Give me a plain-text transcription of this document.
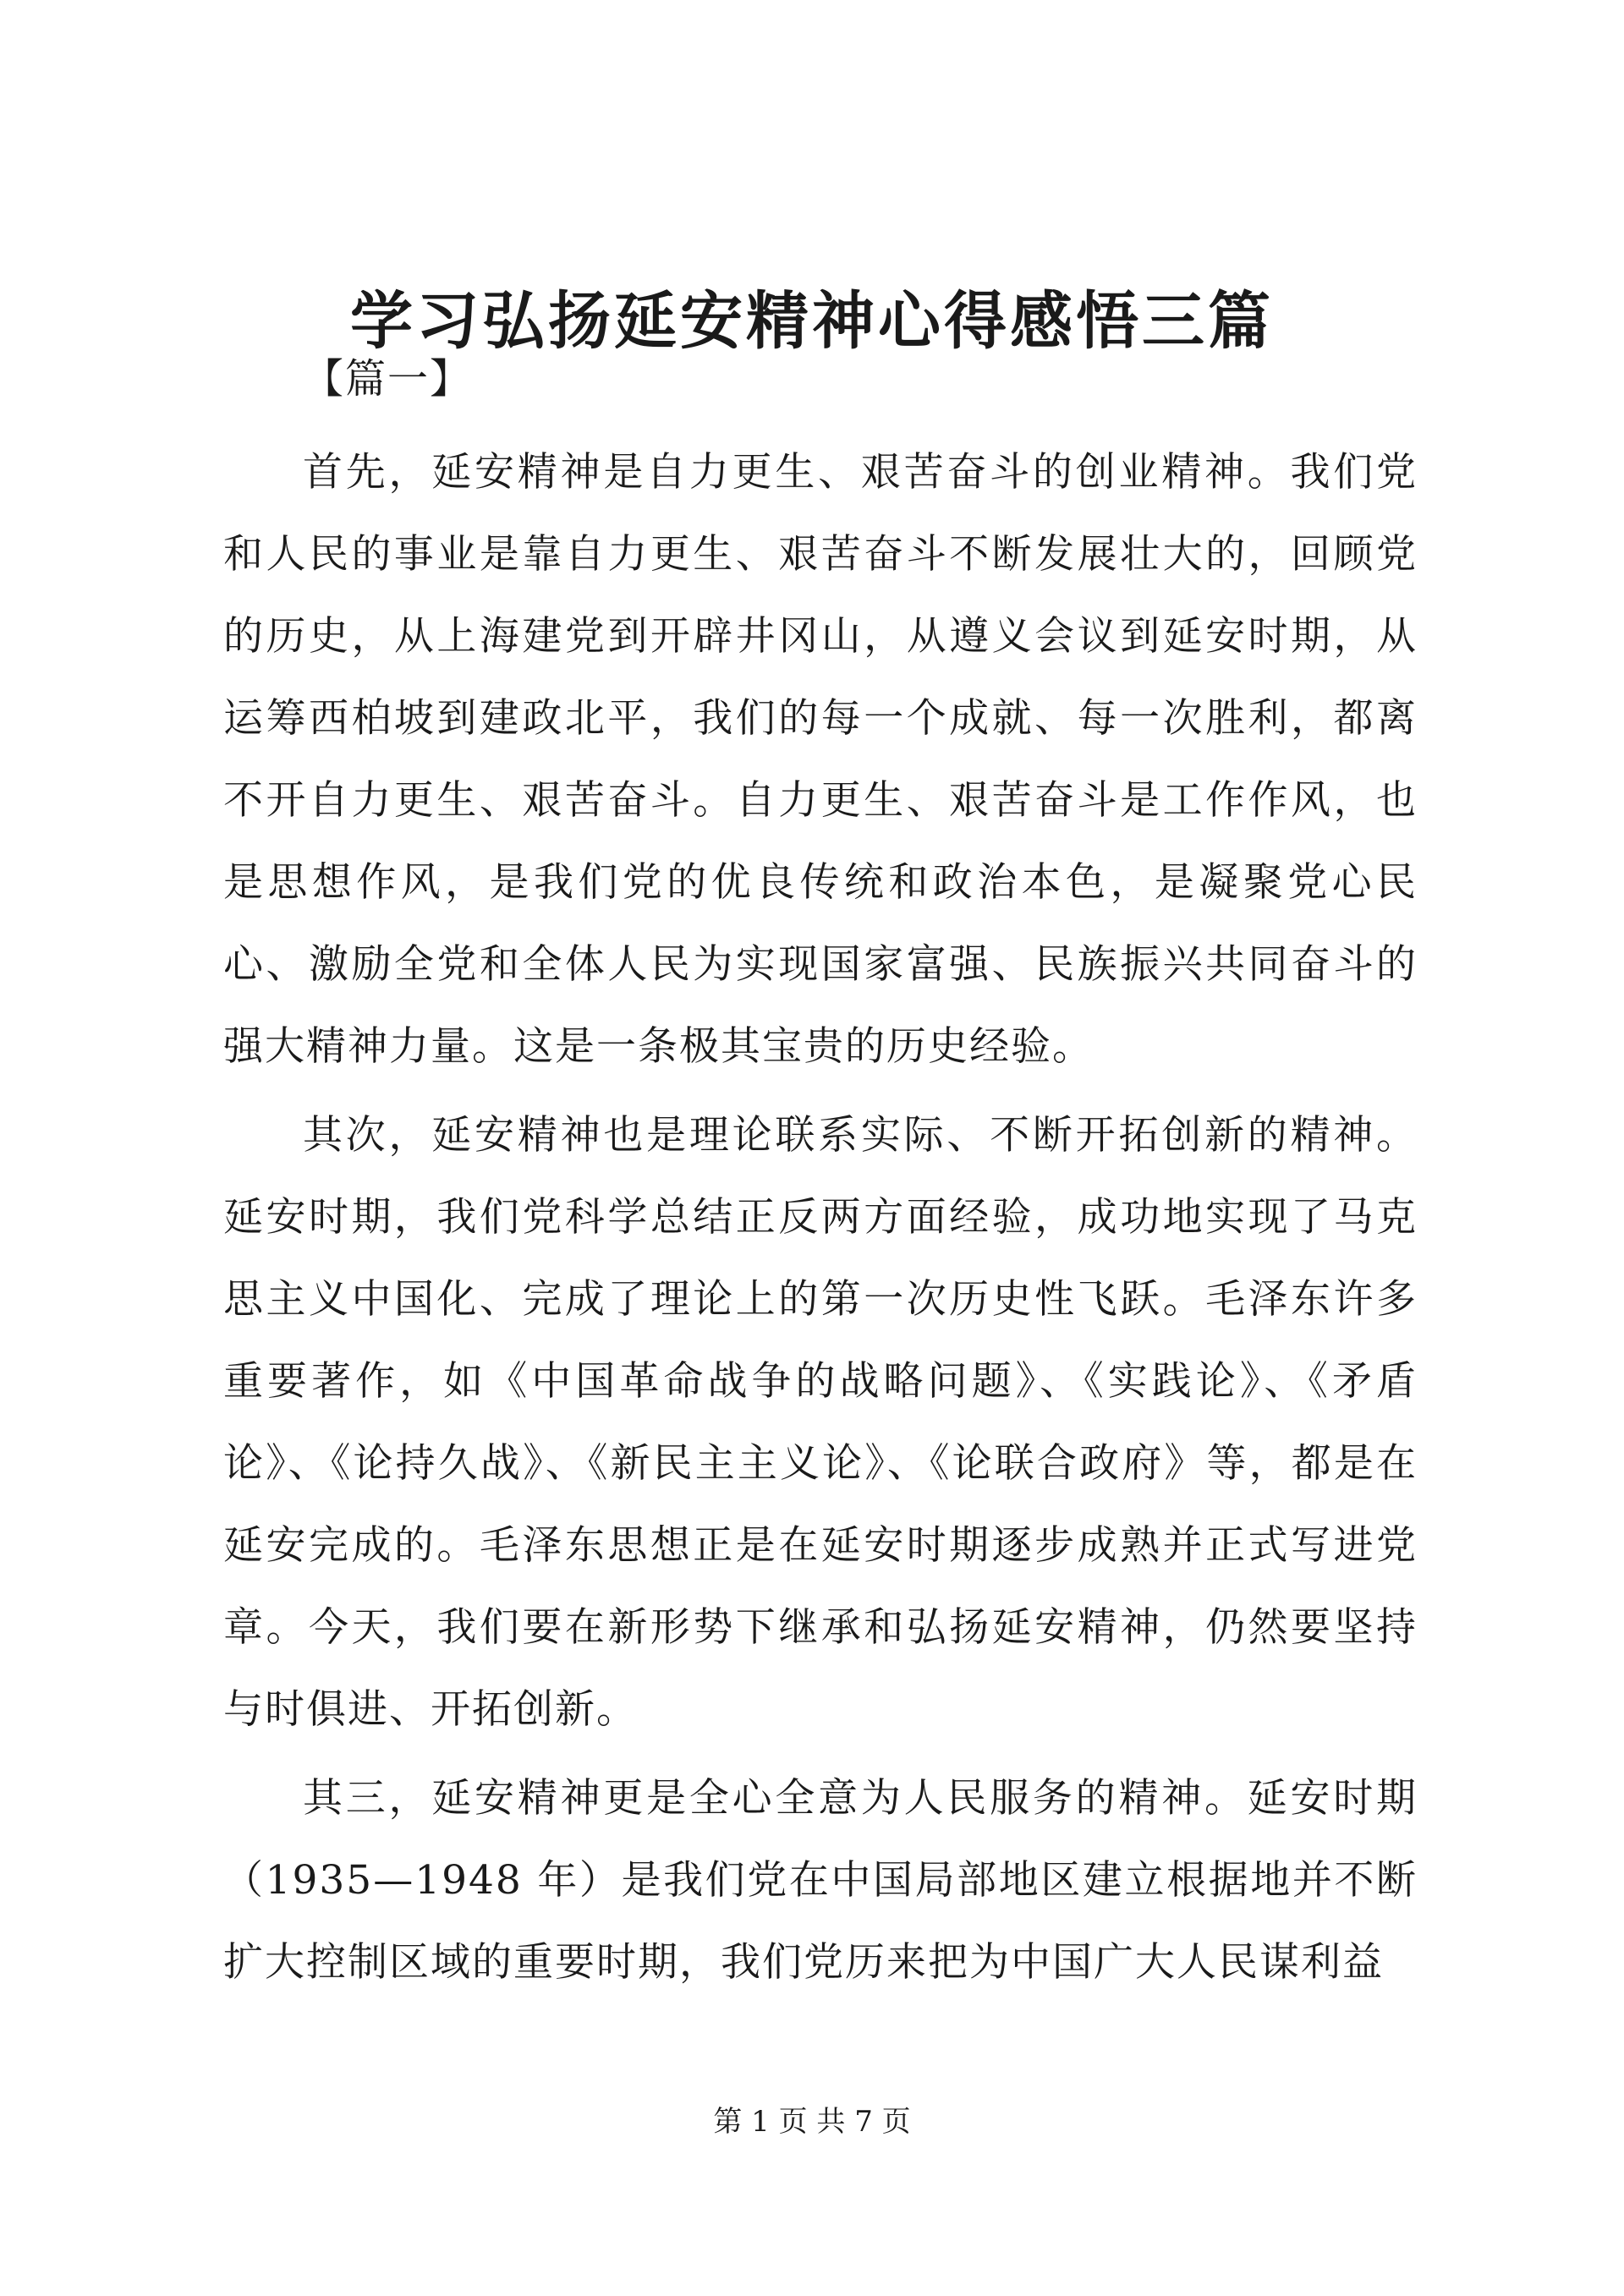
学习弘扬延安精神心得感悟三篇

【篇一】

首先，延安精神是自力更生、艰苦奋斗的创业精神。我们党和人民的事业是靠自力更生、艰苦奋斗不断发展壮大的，回顾党的历史，从上海建党到开辟井冈山，从遵义会议到延安时期，从运筹西柏坡到建政北平，我们的每一个成就、每一次胜利，都离不开自力更生、艰苦奋斗。自力更生、艰苦奋斗是工作作风，也是思想作风，是我们党的优良传统和政治本色，是凝聚党心民心、激励全党和全体人民为实现国家富强、民族振兴共同奋斗的强大精神力量。这是一条极其宝贵的历史经验。

其次，延安精神也是理论联系实际、不断开拓创新的精神。延安时期，我们党科学总结正反两方面经验，成功地实现了马克思主义中国化、完成了理论上的第一次历史性飞跃。毛泽东许多重要著作，如《中国革命战争的战略问题》、《实践论》、《矛盾论》、《论持久战》、《新民主主义论》、《论联合政府》等，都是在延安完成的。毛泽东思想正是在延安时期逐步成熟并正式写进党章。今天，我们要在新形势下继承和弘扬延安精神，仍然要坚持与时俱进、开拓创新。

其三，延安精神更是全心全意为人民服务的精神。延安时期（1935—1948 年）是我们党在中国局部地区建立根据地并不断扩大控制区域的重要时期，我们党历来把为中国广大人民谋利益

第 1 页 共 7 页
